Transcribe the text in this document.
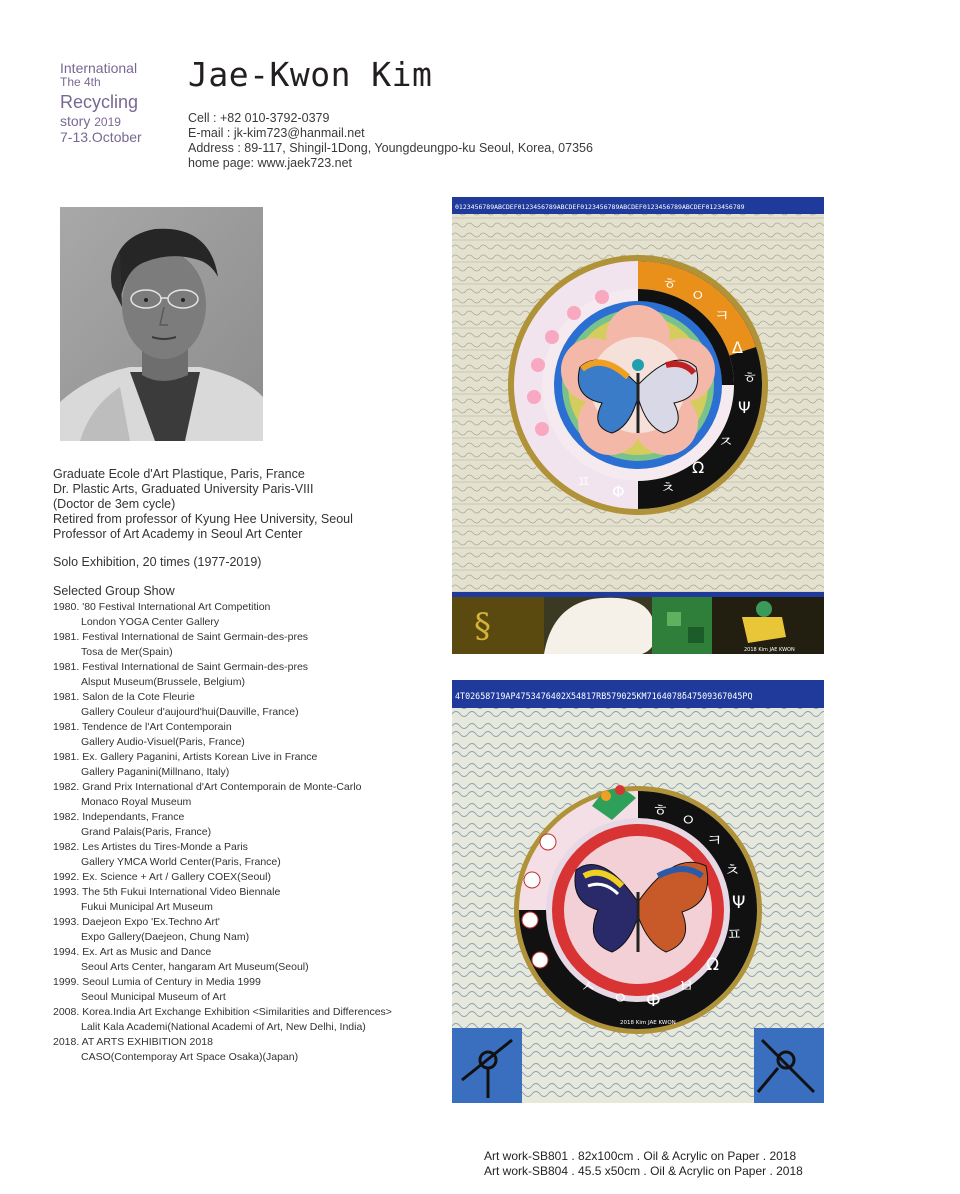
International
The 4th
Recycling
story 2019
7-13.October
Jae-Kwon Kim
Cell : +82 010-3792-0379
E-mail : jk-kim723@hanmail.net
Address : 89-117, Shingil-1Dong, Youngdeungpo-ku Seoul, Korea, 07356
home page: www.jaek723.net
Graduate Ecole d'Art Plastique, Paris, France
Dr. Plastic Arts, Graduated University Paris-VIII
(Doctor de 3em cycle)
Retired from professor of Kyung Hee University, Seoul
Professor of Art Academy in Seoul Art Center
Solo Exhibition, 20 times (1977-2019)
Selected Group Show
1980. '80 Festival International Art Competition
London YOGA Center Gallery
1981. Festival International de Saint Germain-des-pres
Tosa de Mer(Spain)
1981. Festival International de Saint Germain-des-pres
Alsput Museum(Brussele, Belgium)
1981. Salon de la Cote Fleurie
Gallery Couleur d'aujourd'hui(Dauville, France)
1981. Tendence de l'Art Contemporain
Gallery Audio-Visuel(Paris, France)
1981. Ex. Gallery Paganini, Artists Korean Live in France
Gallery Paganini(Millnano, Italy)
1982. Grand Prix International d'Art Contemporain de Monte-Carlo
Monaco Royal Museum
1982. Independants, France
Grand Palais(Paris, France)
1982. Les Artistes du Tires-Monde a Paris
Gallery YMCA World Center(Paris, France)
1992. Ex. Science + Art / Gallery COEX(Seoul)
1993. The 5th Fukui International Video Biennale
Fukui Municipal Art Museum
1993. Daejeon Expo 'Ex.Techno Art'
Expo Gallery(Daejeon, Chung Nam)
1994. Ex. Art as Music and Dance
Seoul Arts Center, hangaram Art Museum(Seoul)
1999. Seoul Lumia of Century in Media 1999
Seoul Municipal Museum of Art
2008. Korea.India Art Exchange Exhibition <Similarities and Differences>
Lalit Kala Academi(National Academi of Art, New Delhi, India)
2018. AT ARTS EXHIBITION 2018
CASO(Contemporay Art Space Osaka)(Japan)
0123456789ABCDEF0123456789ABCDEF0123456789ABCDEF0123456789ABCDEF0123456789
ㅎ
ㅇ
ㅋ
Δ
ㅎ
Ψ
ㅈ
Ω
ㅊ
Φ
ㅍ
§
2018 Kim JAE KWON
4T02658719AP4753476402X54817RB579025KM7164078δ47509367045PQ
ㅎ ㅇ
ㅋ
ㅊ
Ψ
ㅍ
Ω
ㅂ
Ф
ㅇ
ㅅ
2018 Kim JAE KWON
Art work-SB801 . 82x100cm . Oil & Acrylic on Paper . 2018
Art work-SB804 . 45.5 x50cm . Oil & Acrylic on Paper . 2018
